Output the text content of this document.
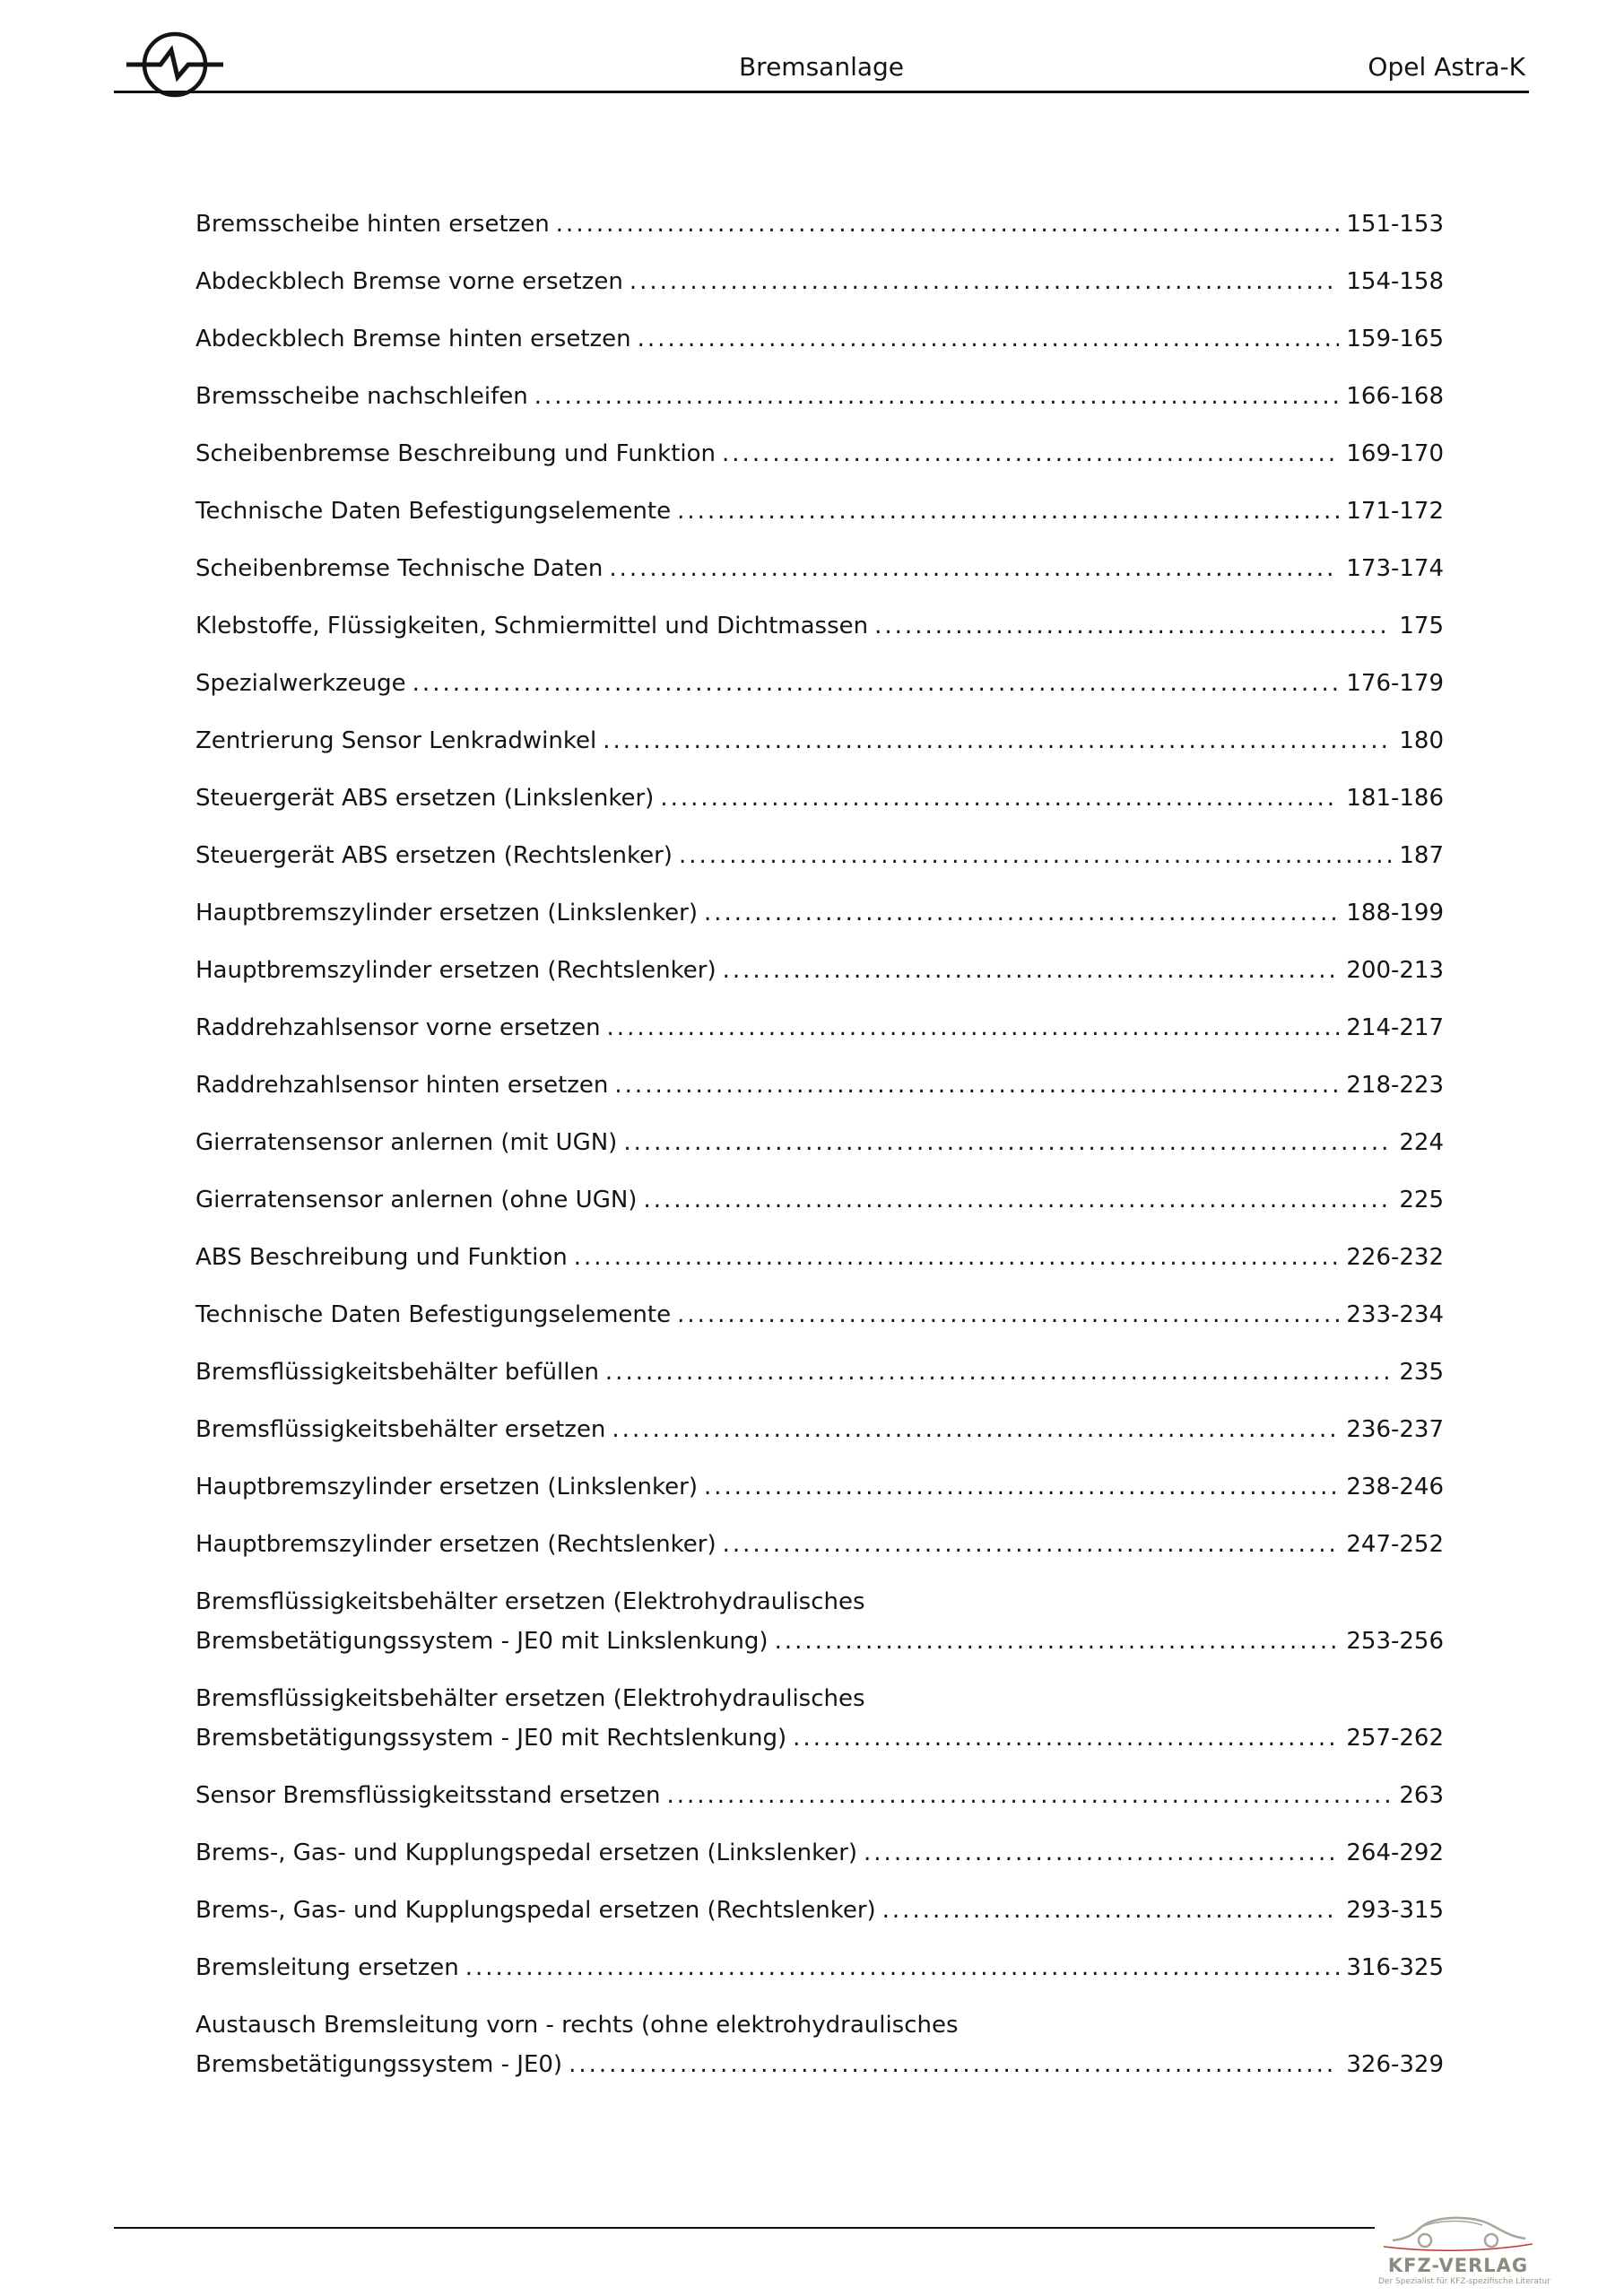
Bremsanlage	Opel Astra-K
Bremsscheibe hinten ersetzen .....	151-153
Abdeckblech Bremse vorne ersetzen .....	154-158
Abdeckblech Bremse hinten ersetzen .....	159-165
Bremsscheibe nachschleifen .....	166-168
Scheibenbremse Beschreibung und Funktion .....	169-170
Technische Daten Befestigungselemente .....	171-172
Scheibenbremse Technische Daten .....	173-174
Klebstoffe, Flüssigkeiten, Schmiermittel und Dichtmassen .....	175
Spezialwerkzeuge .....	176-179
Zentrierung Sensor Lenkradwinkel .....	180
Steuergerät ABS ersetzen (Linkslenker) .....	181-186
Steuergerät ABS ersetzen (Rechtslenker) .....	187
Hauptbremszylinder ersetzen (Linkslenker) .....	188-199
Hauptbremszylinder ersetzen (Rechtslenker) .....	200-213
Raddrehzahlsensor vorne ersetzen .....	214-217
Raddrehzahlsensor hinten ersetzen .....	218-223
Gierratensensor anlernen (mit UGN) .....	224
Gierratensensor anlernen (ohne UGN) .....	225
ABS Beschreibung und Funktion .....	226-232
Technische Daten Befestigungselemente .....	233-234
Bremsflüssigkeitsbehälter befüllen .....	235
Bremsflüssigkeitsbehälter ersetzen .....	236-237
Hauptbremszylinder ersetzen (Linkslenker) .....	238-246
Hauptbremszylinder ersetzen (Rechtslenker) .....	247-252
Bremsflüssigkeitsbehälter ersetzen (Elektrohydraulisches
Bremsbetätigungssystem - JE0 mit Linkslenkung) .....	253-256
Bremsflüssigkeitsbehälter ersetzen (Elektrohydraulisches
Bremsbetätigungssystem - JE0 mit Rechtslenkung) .....	257-262
Sensor Bremsflüssigkeitsstand ersetzen .....	263
Brems-, Gas- und Kupplungspedal ersetzen (Linkslenker) .....	264-292
Brems-, Gas- und Kupplungspedal ersetzen (Rechtslenker) .....	293-315
Bremsleitung ersetzen .....	316-325
Austausch Bremsleitung vorn - rechts (ohne elektrohydraulisches
Bremsbetätigungssystem - JE0) .....	326-329
KFZ-VERLAG
Der Spezialist für KFZ-spezifische Literatur
